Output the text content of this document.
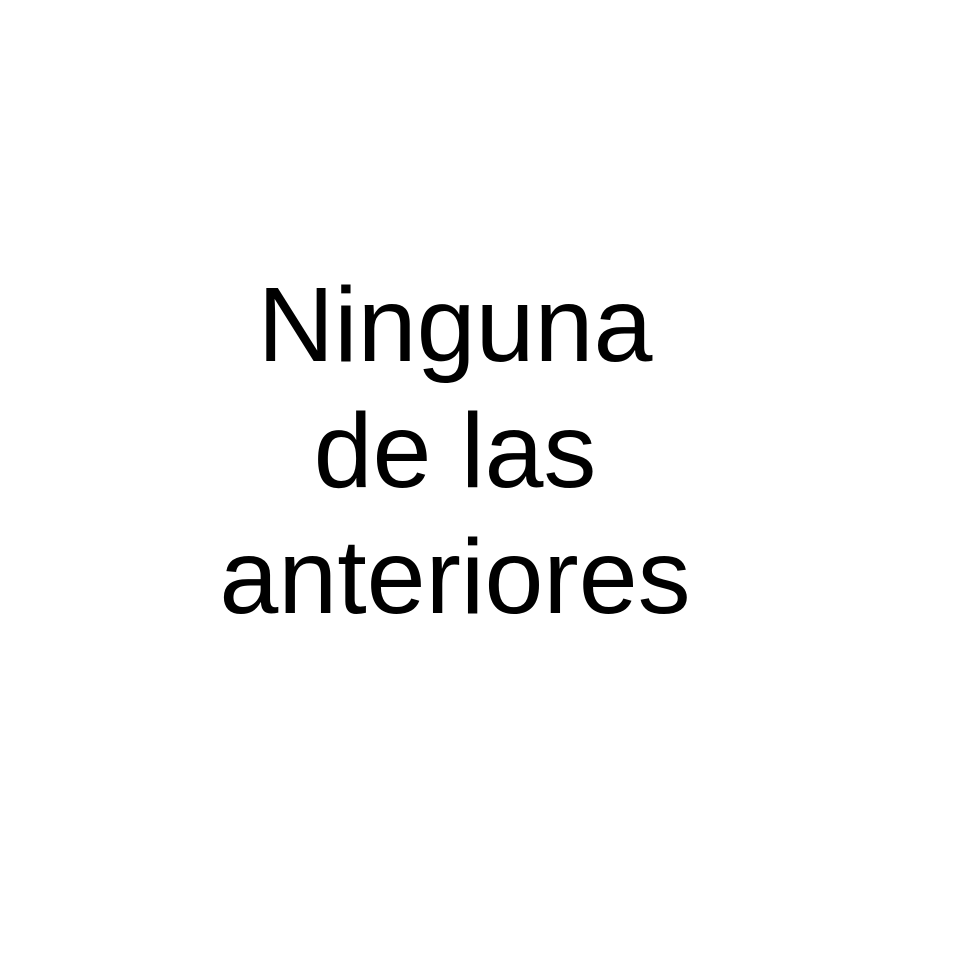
Ninguna
de las
anteriores
